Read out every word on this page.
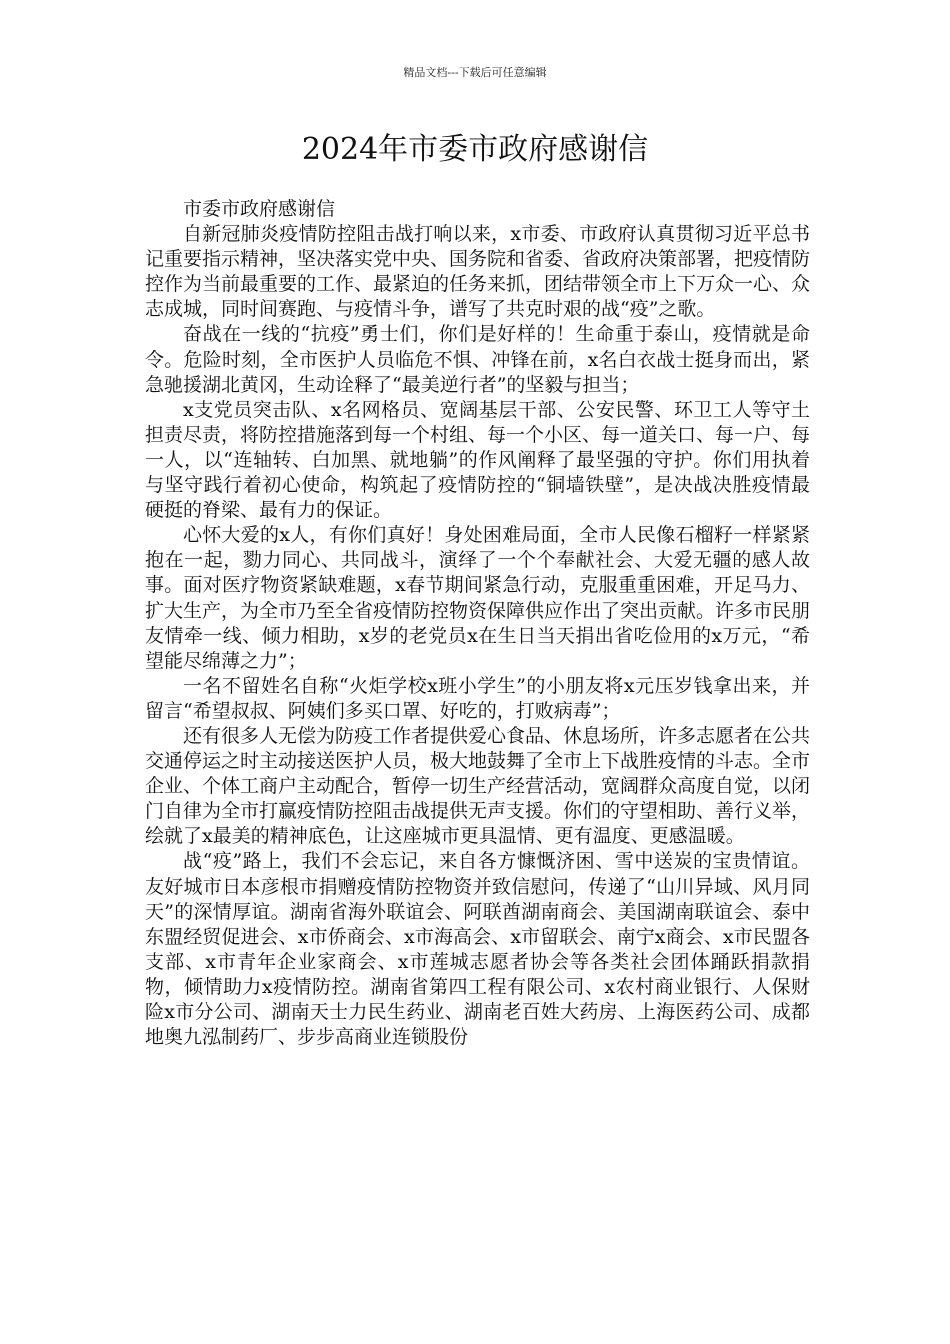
精品文档---下载后可任意编辑
2024年市委市政府感谢信

市委市政府感谢信

自新冠肺炎疫情防控阻击战打响以来，x市委、市政府认真贯彻习近平总书记重要指示精神，坚决落实党中央、国务院和省委、省政府决策部署，把疫情防控作为当前最重要的工作、最紧迫的任务来抓，团结带领全市上下万众一心、众志成城，同时间赛跑、与疫情斗争，谱写了共克时艰的战“疫”之歌。

奋战在一线的“抗疫”勇士们，你们是好样的！生命重于泰山，疫情就是命令。危险时刻，全市医护人员临危不惧、冲锋在前，x名白衣战士挺身而出，紧急驰援湖北黄冈，生动诠释了“最美逆行者”的坚毅与担当；

x支党员突击队、x名网格员、宽阔基层干部、公安民警、环卫工人等守土担责尽责，将防控措施落到每一个村组、每一个小区、每一道关口、每一户、每一人，以“连轴转、白加黑、就地躺”的作风阐释了最坚强的守护。你们用执着与坚守践行着初心使命，构筑起了疫情防控的“铜墙铁壁”，是决战决胜疫情最硬挺的脊梁、最有力的保证。

心怀大爱的x人，有你们真好！身处困难局面，全市人民像石榴籽一样紧紧抱在一起，勠力同心、共同战斗，演绎了一个个奉献社会、大爱无疆的感人故事。面对医疗物资紧缺难题，x春节期间紧急行动，克服重重困难，开足马力、扩大生产，为全市乃至全省疫情防控物资保障供应作出了突出贡献。许多市民朋友情牵一线、倾力相助，x岁的老党员x在生日当天捐出省吃俭用的x万元，“希望能尽绵薄之力”；

一名不留姓名自称“火炬学校x班小学生”的小朋友将x元压岁钱拿出来，并留言“希望叔叔、阿姨们多买口罩、好吃的，打败病毒”；

还有很多人无偿为防疫工作者提供爱心食品、休息场所，许多志愿者在公共交通停运之时主动接送医护人员，极大地鼓舞了全市上下战胜疫情的斗志。全市企业、个体工商户主动配合，暂停一切生产经营活动，宽阔群众高度自觉，以闭门自律为全市打赢疫情防控阻击战提供无声支援。你们的守望相助、善行义举，绘就了x最美的精神底色，让这座城市更具温情、更有温度、更感温暖。

战“疫”路上，我们不会忘记，来自各方慷慨济困、雪中送炭的宝贵情谊。友好城市日本彦根市捐赠疫情防控物资并致信慰问，传递了“山川异域、风月同天”的深情厚谊。湖南省海外联谊会、阿联酋湖南商会、美国湖南联谊会、泰中东盟经贸促进会、x市侨商会、x市海高会、x市留联会、南宁x商会、x市民盟各支部、x市青年企业家商会、x市莲城志愿者协会等各类社会团体踊跃捐款捐物，倾情助力x疫情防控。湖南省第四工程有限公司、x农村商业银行、人保财险x市分公司、湖南天士力民生药业、湖南老百姓大药房、上海医药公司、成都地奥九泓制药厂、步步高商业连锁股份
